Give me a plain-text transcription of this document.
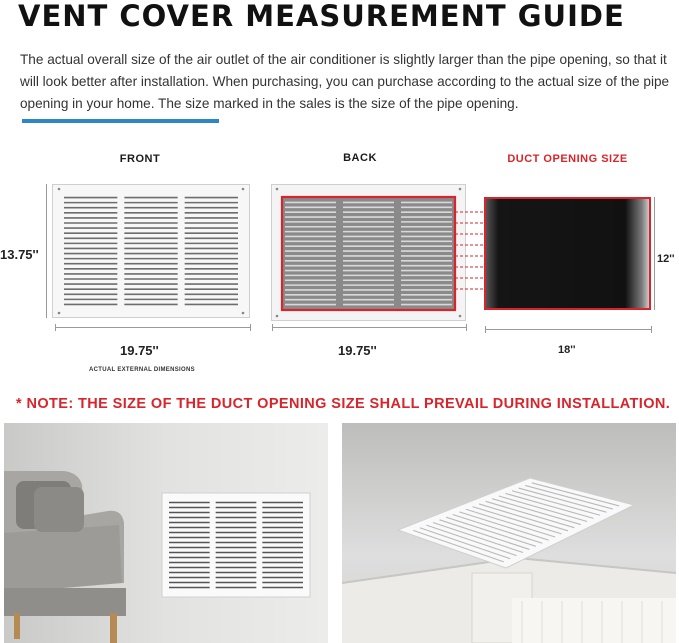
VENT COVER MEASUREMENT GUIDE
The actual overall size of the air outlet of the air conditioner is slightly larger than the pipe opening, so that it will look better after installation. When purchasing, you can purchase according to the actual size of the pipe opening in your home. The size marked in the sales is the size of the pipe opening.
FRONT	BACK	DUCT OPENING SIZE
13.75''
19.75''
ACTUAL EXTERNAL DIMENSIONS
19.75''
12''
18''
* NOTE: THE SIZE OF THE DUCT OPENING SIZE SHALL PREVAIL DURING INSTALLATION.
